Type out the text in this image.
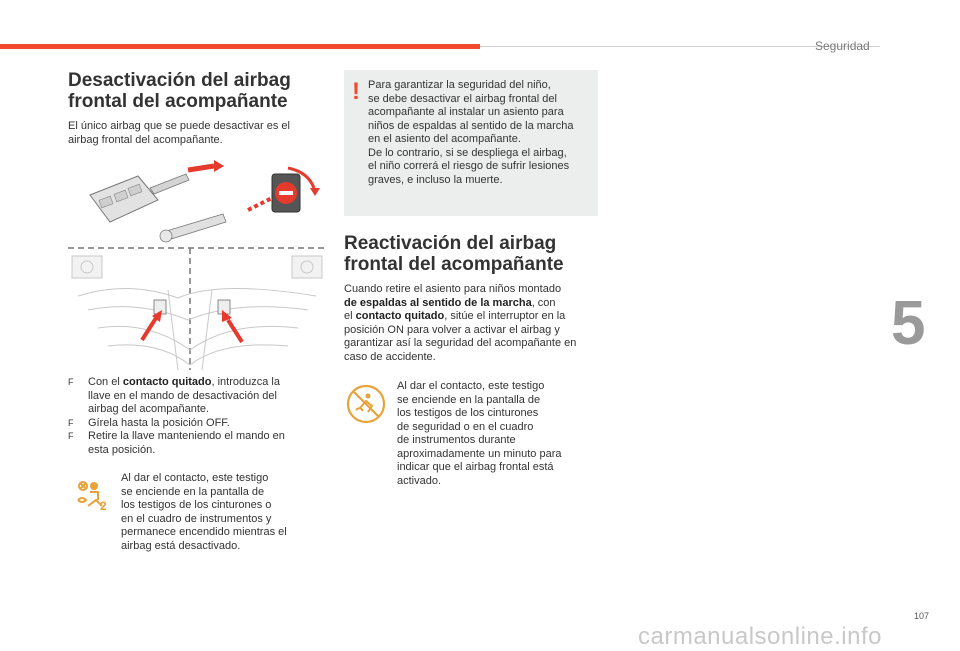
Seguridad
5
Desactivación del airbag
frontal del acompañante
El único airbag que se puede desactivar es el
airbag frontal del acompañante.
F Con el contacto quitado, introduzca la
llave en el mando de desactivación del
airbag del acompañante.
F Gírela hasta la posición OFF.
F Retire la llave manteniendo el mando en
esta posición.
2
Al dar el contacto, este testigo
se enciende en la pantalla de
los testigos de los cinturones o
en el cuadro de instrumentos y
permanece encendido mientras el
airbag está desactivado.
! Para garantizar la seguridad del niño,
se debe desactivar el airbag frontal del
acompañante al instalar un asiento para
niños de espaldas al sentido de la marcha
en el asiento del acompañante.
De lo contrario, si se despliega el airbag,
el niño correrá el riesgo de sufrir lesiones
graves, e incluso la muerte.
Reactivación del airbag
frontal del acompañante
Cuando retire el asiento para niños montado
de espaldas al sentido de la marcha, con
el contacto quitado, sitúe el interruptor en la
posición ON para volver a activar el airbag y
garantizar así la seguridad del acompañante en
caso de accidente.
Al dar el contacto, este testigo
se enciende en la pantalla de
los testigos de los cinturones
de seguridad o en el cuadro
de instrumentos durante
aproximadamente un minuto para
indicar que el airbag frontal está
activado.
107
carmanualsonline.info
